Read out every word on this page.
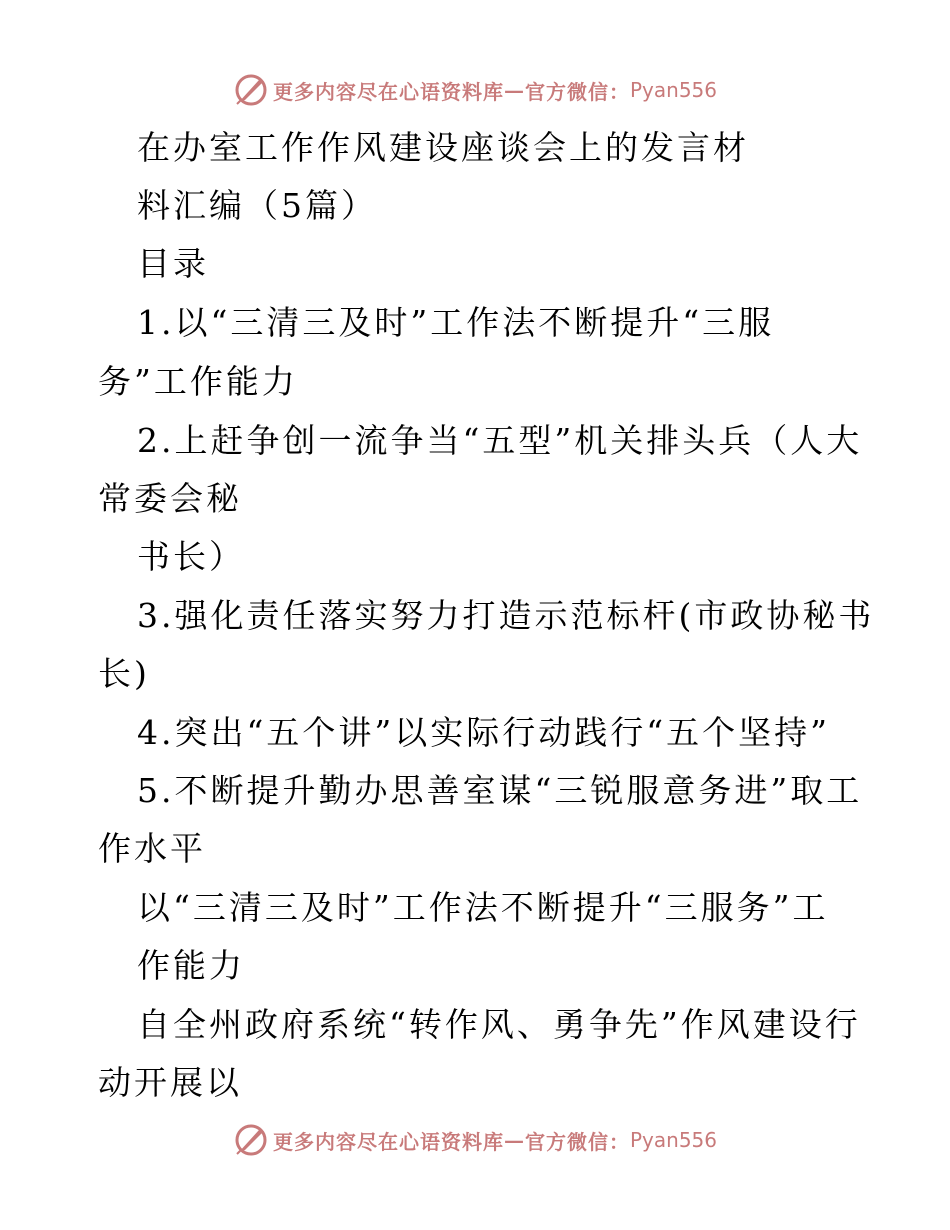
更多内容尽在心语资料库 — 官方微信： Pyan556
在办室工作作风建设座谈会上的发言材
料汇编（5篇）
目录
1.以“三清三及时”工作法不断提升“三服
务”工作能力
2.上赶争创一流争当“五型”机关排头兵（人大
常委会秘
书长）
3.强化责任落实努力打造示范标杆(市政协秘书
长)
4.突出“五个讲”以实际行动践行“五个坚持”
5.不断提升勤办思善室谋“三锐服意务进”取工
作水平
以“三清三及时”工作法不断提升“三服务”工
作能力
自全州政府系统“转作风、勇争先”作风建设行
动开展以
更多内容尽在心语资料库 — 官方微信： Pyan556
